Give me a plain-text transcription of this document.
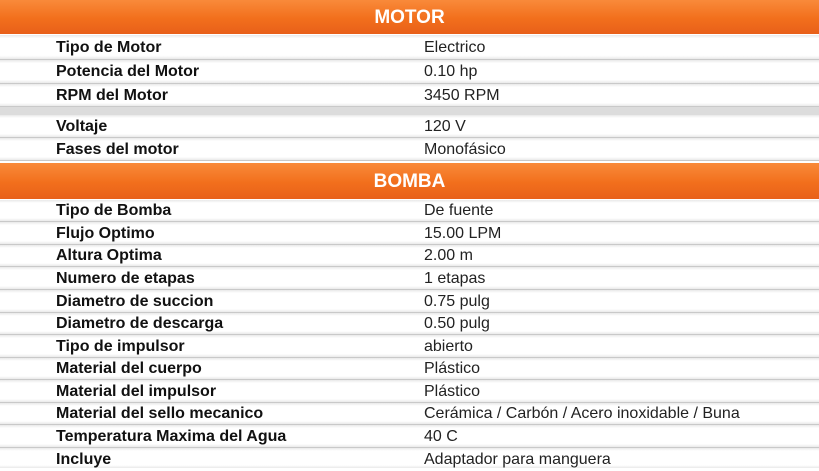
MOTOR
Tipo de Motor	Electrico
Potencia del Motor	0.10 hp
RPM del Motor	3450 RPM
Voltaje	120 V
Fases del motor	Monofásico
BOMBA
Tipo de Bomba	De fuente
Flujo Optimo	15.00 LPM
Altura Optima	2.00 m
Numero de etapas	1 etapas
Diametro de succion	0.75 pulg
Diametro de descarga	0.50 pulg
Tipo de impulsor	abierto
Material del cuerpo	Plástico
Material del impulsor	Plástico
Material del sello mecanico	Cerámica / Carbón / Acero inoxidable / Buna
Temperatura Maxima del Agua	40 C
Incluye	Adaptador para manguera
